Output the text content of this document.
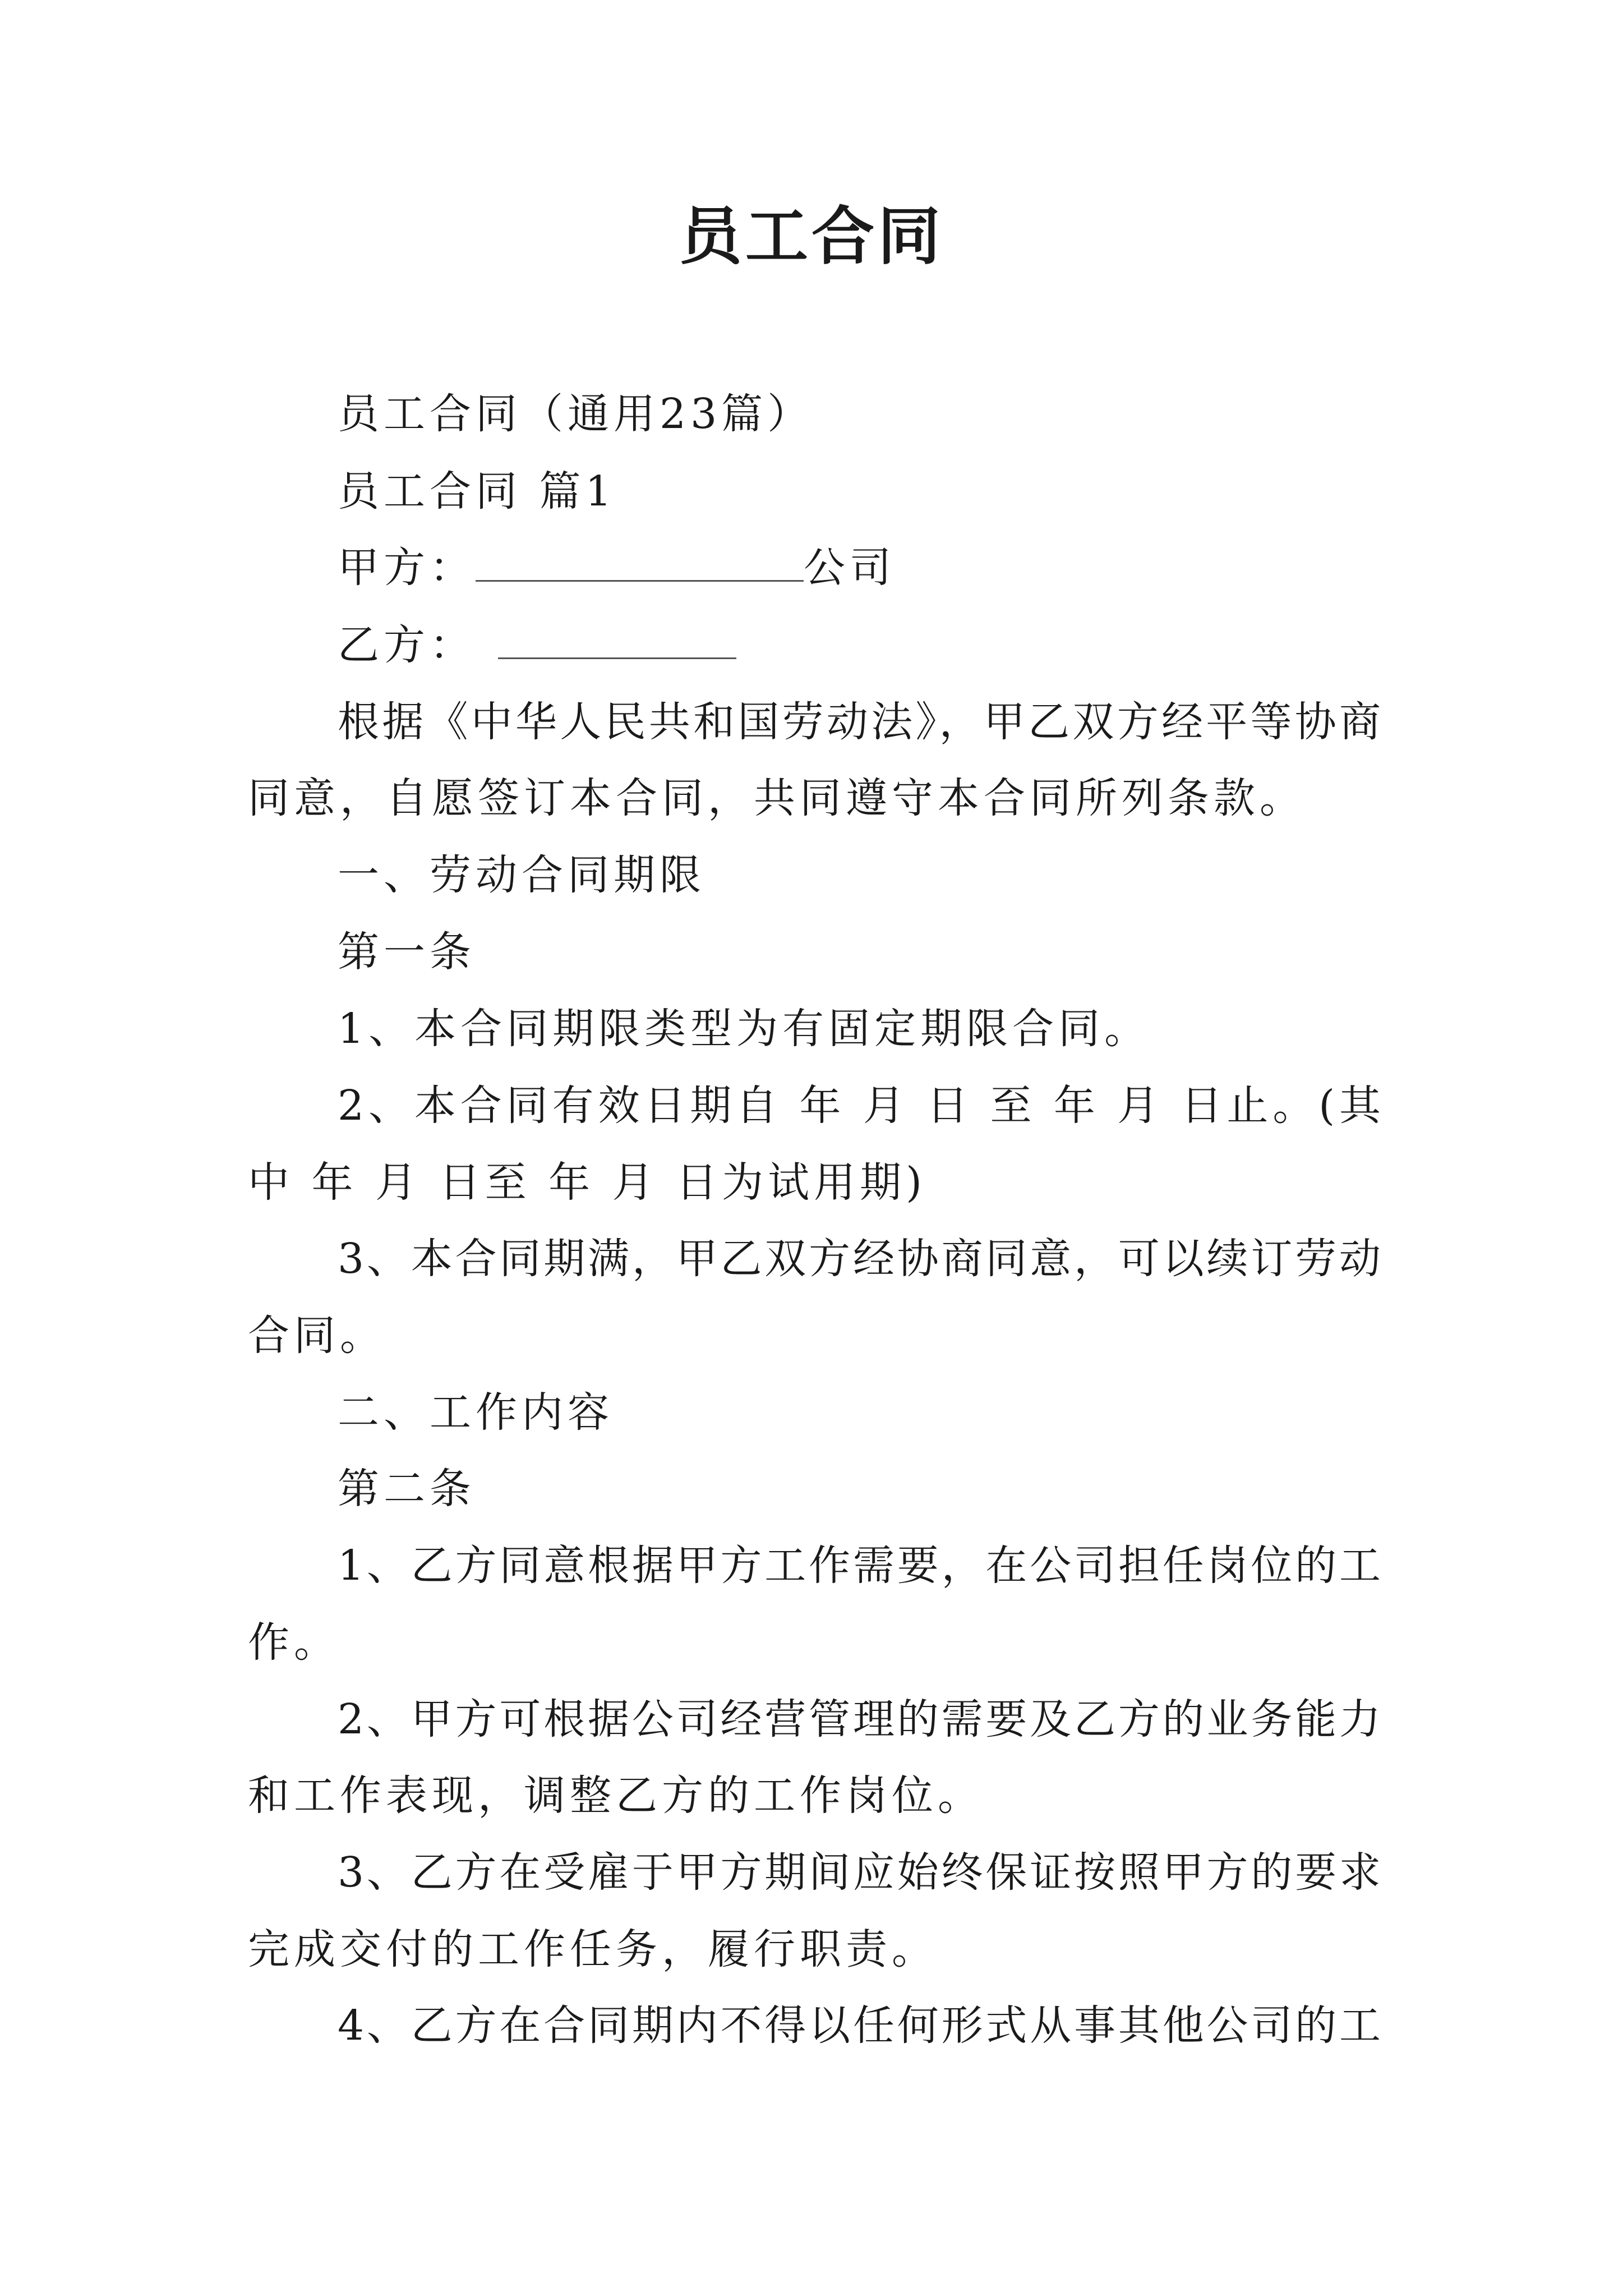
员工合同
员工合同（通用23篇）
员工合同 篇1
甲方：	公司
乙方：
根据《中华人民共和国劳动法》，甲乙双方经平等协商
同意，自愿签订本合同，共同遵守本合同所列条款。
一、劳动合同期限
第一条
1、本合同期限类型为有固定期限合同。
2、本合同有效日期自 年 月 日 至 年 月 日止。(其
中 年 月 日至 年 月 日为试用期)
3、本合同期满，甲乙双方经协商同意，可以续订劳动
合同。
二、工作内容
第二条
1、乙方同意根据甲方工作需要，在公司担任岗位的工
作。
2、甲方可根据公司经营管理的需要及乙方的业务能力
和工作表现，调整乙方的工作岗位。
3、乙方在受雇于甲方期间应始终保证按照甲方的要求
完成交付的工作任务，履行职责。
4、乙方在合同期内不得以任何形式从事其他公司的工
